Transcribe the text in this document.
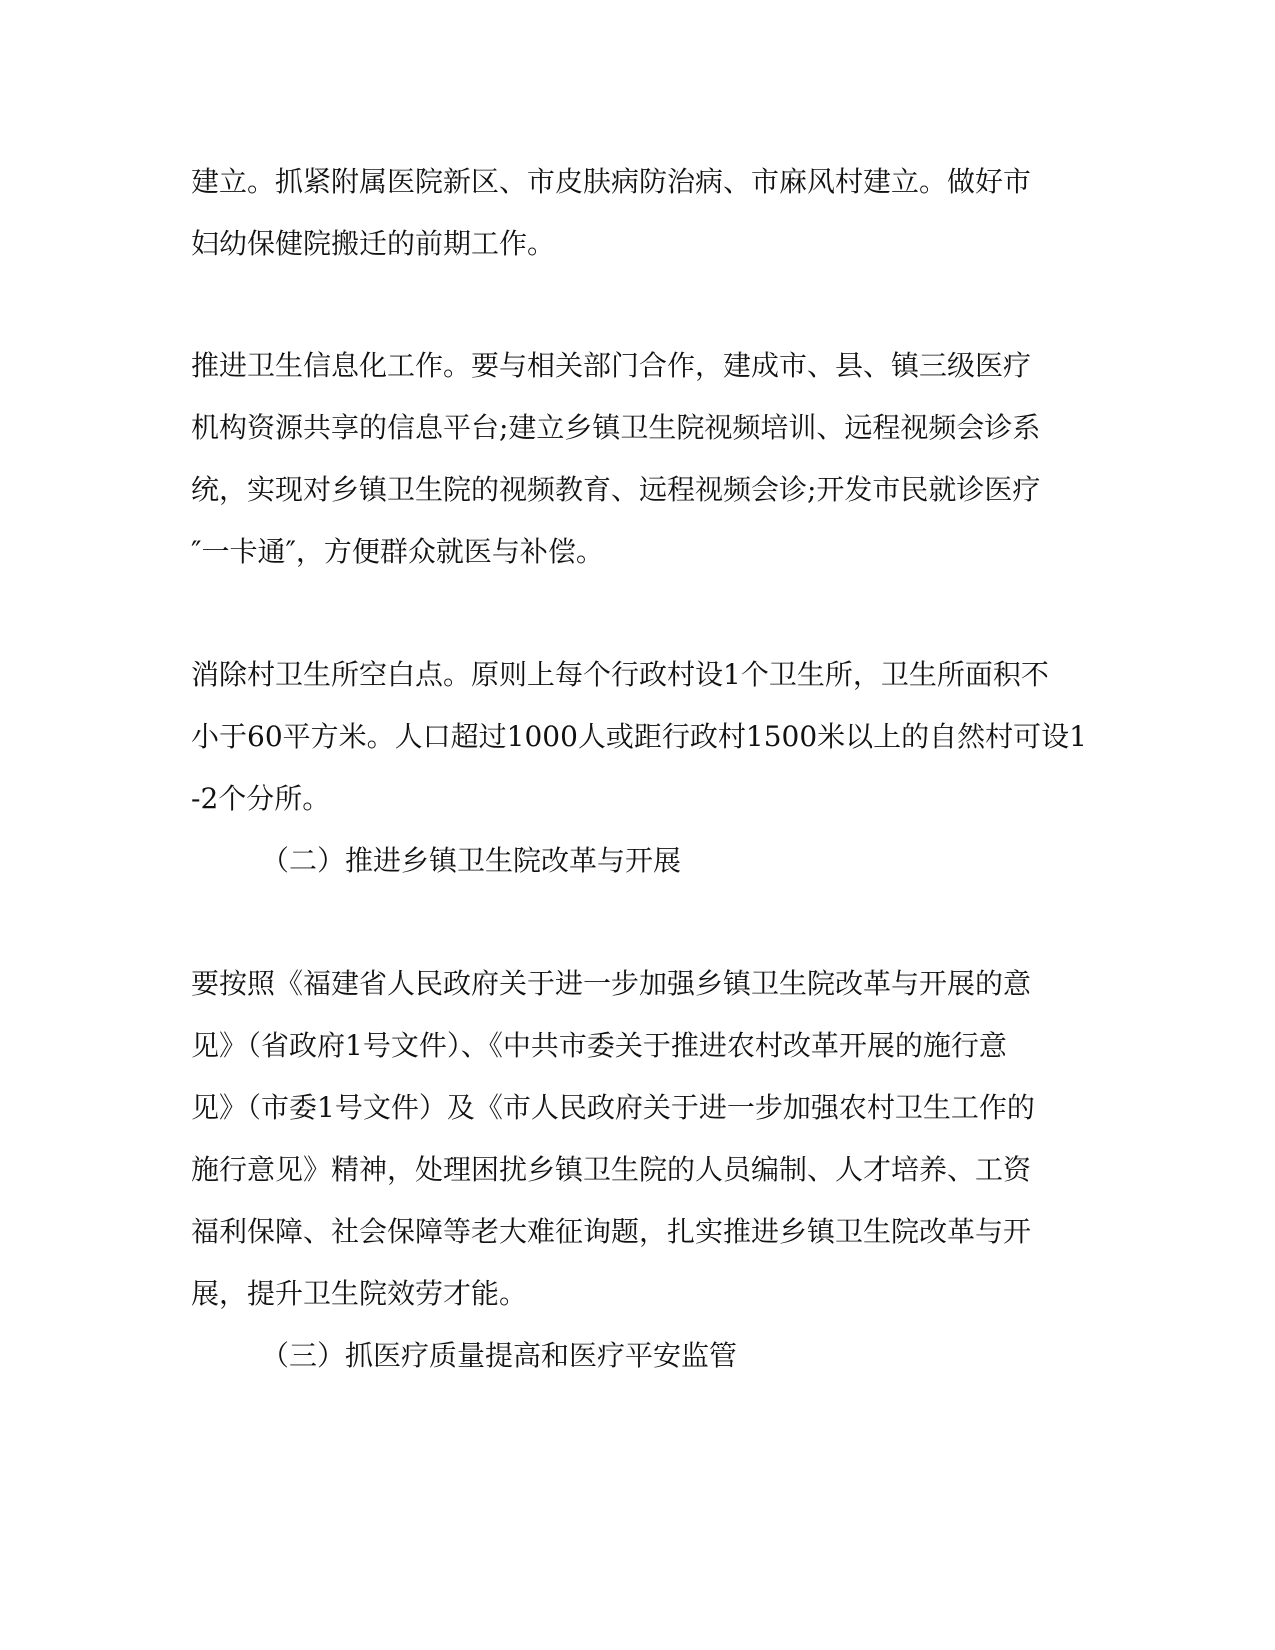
建立。抓紧附属医院新区、市皮肤病防治病、市麻风村建立。做好市
妇幼保健院搬迁的前期工作。
推进卫生信息化工作。要与相关部门合作，建成市、县、镇三级医疗
机构资源共享的信息平台;建立乡镇卫生院视频培训、远程视频会诊系
统，实现对乡镇卫生院的视频教育、远程视频会诊;开发市民就诊医疗
″一卡通″，方便群众就医与补偿。
消除村卫生所空白点。原则上每个行政村设1个卫生所，卫生所面积不
小于60平方米。人口超过1000人或距行政村1500米以上的自然村可设1
-2个分所。
（二）推进乡镇卫生院改革与开展
要按照《福建省人民政府关于进一步加强乡镇卫生院改革与开展的意
见》（省政府1号文件）、《中共市委关于推进农村改革开展的施行意
见》（市委1号文件）及《市人民政府关于进一步加强农村卫生工作的
施行意见》精神，处理困扰乡镇卫生院的人员编制、人才培养、工资
福利保障、社会保障等老大难征询题，扎实推进乡镇卫生院改革与开
展，提升卫生院效劳才能。
（三）抓医疗质量提高和医疗平安监管
